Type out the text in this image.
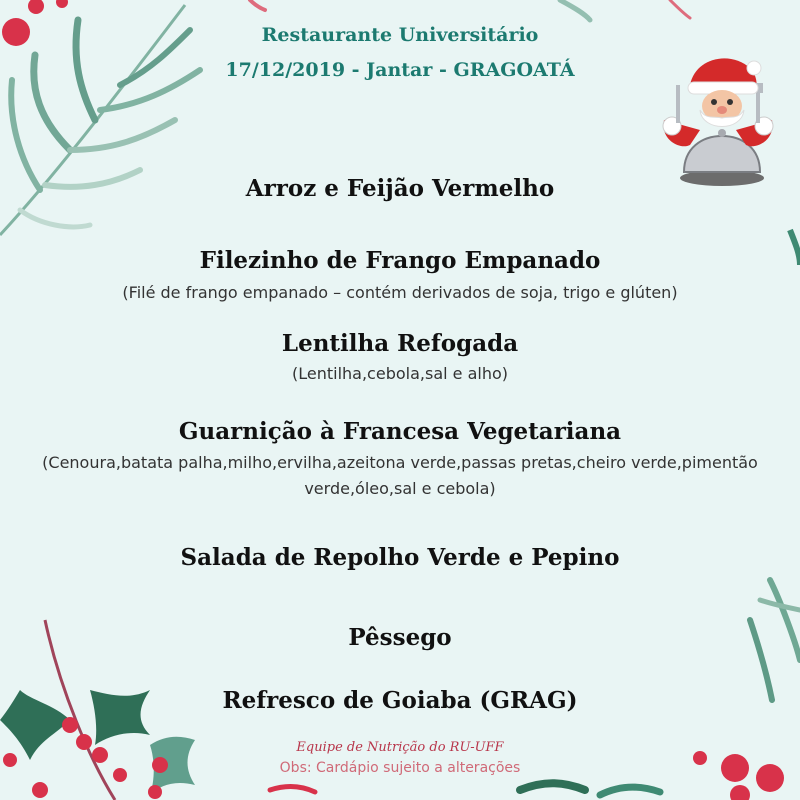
Restaurante Universitário
17/12/2019 - Jantar - GRAGOATÁ
Arroz e Feijão Vermelho
Filezinho de Frango Empanado
(Filé de frango empanado – contém derivados de soja, trigo e glúten)
Lentilha Refogada
(Lentilha,cebola,sal e alho)
Guarnição à Francesa Vegetariana
(Cenoura,batata palha,milho,ervilha,azeitona verde,passas pretas,cheiro verde,pimentão verde,óleo,sal e cebola)
Salada de Repolho Verde e Pepino
Pêssego
Refresco de Goiaba (GRAG)
Equipe de Nutrição do RU-UFF
Obs: Cardápio sujeito a alterações
